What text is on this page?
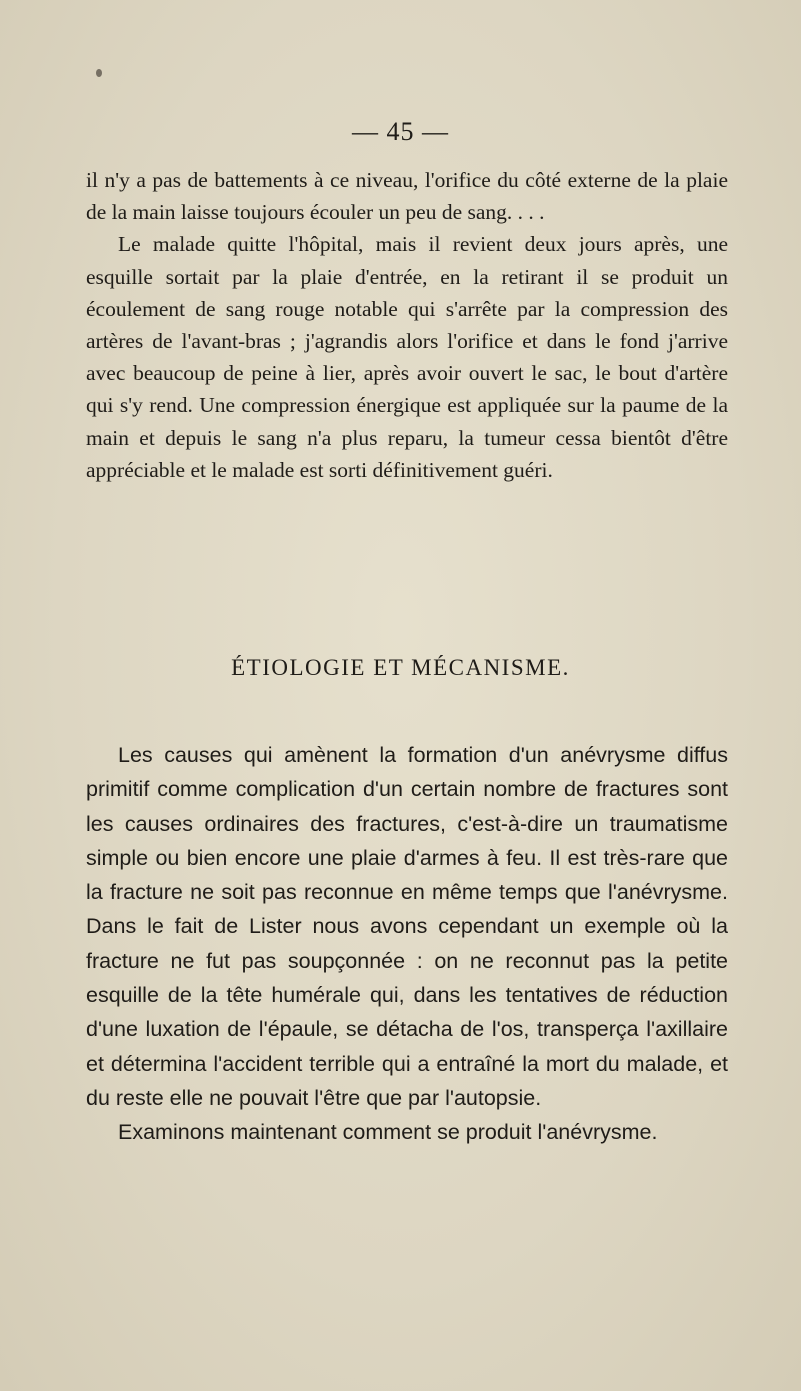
— 45 —

il n'y a pas de battements à ce niveau, l'orifice du côté externe de la plaie de la main laisse toujours écouler un peu de sang. . . .

Le malade quitte l'hôpital, mais il revient deux jours après, une esquille sortait par la plaie d'entrée, en la retirant il se produit un écoulement de sang rouge notable qui s'arrête par la compression des artères de l'avant-bras ; j'agrandis alors l'orifice et dans le fond j'arrive avec beaucoup de peine à lier, après avoir ouvert le sac, le bout d'artère qui s'y rend. Une compression énergique est appliquée sur la paume de la main et depuis le sang n'a plus reparu, la tumeur cessa bientôt d'être appréciable et le malade est sorti définitivement guéri.

ÉTIOLOGIE ET MÉCANISME.

Les causes qui amènent la formation d'un anévrysme diffus primitif comme complication d'un certain nombre de fractures sont les causes ordinaires des fractures, c'est-à-dire un traumatisme simple ou bien encore une plaie d'armes à feu. Il est très-rare que la fracture ne soit pas reconnue en même temps que l'anévrysme. Dans le fait de Lister nous avons cependant un exemple où la fracture ne fut pas soupçonnée : on ne reconnut pas la petite esquille de la tête humérale qui, dans les tentatives de réduction d'une luxation de l'épaule, se détacha de l'os, transperça l'axillaire et détermina l'accident terrible qui a entraîné la mort du malade, et du reste elle ne pouvait l'être que par l'autopsie.

Examinons maintenant comment se produit l'anévrysme.
